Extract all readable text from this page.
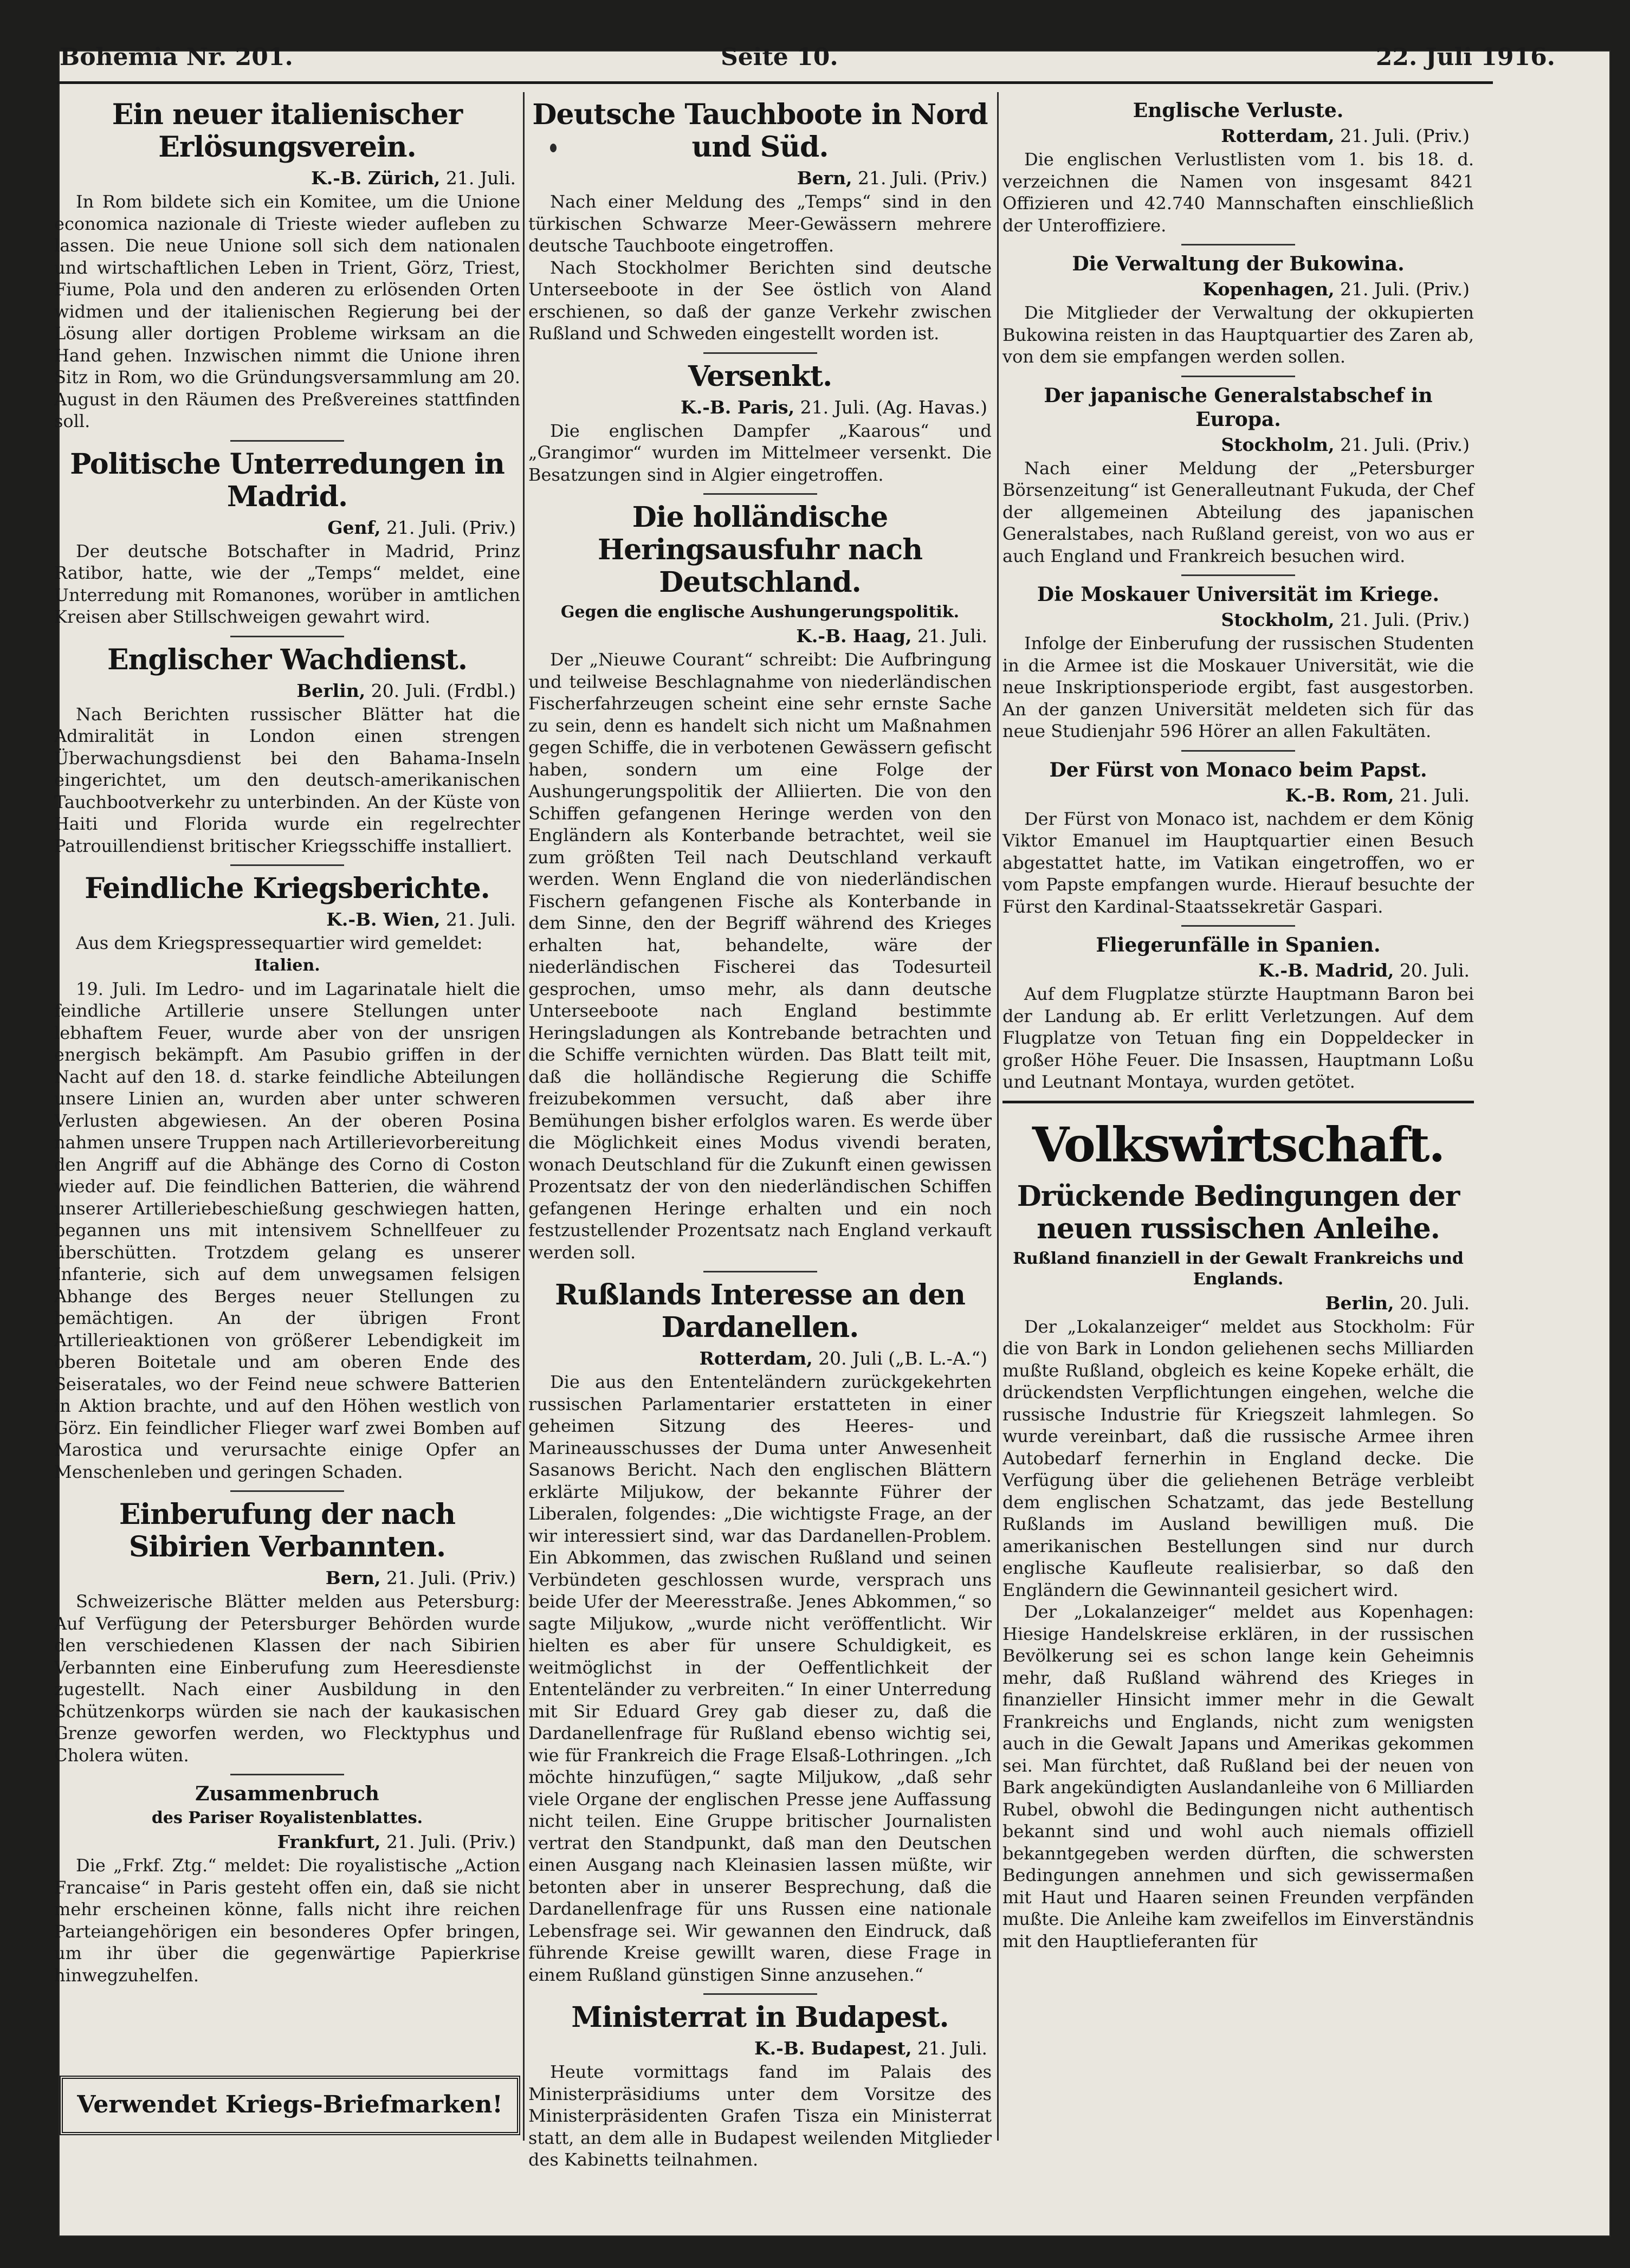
Bohemia Nr. 201.	Seite 10.	22. Juli 1916.
Ein neuer italienischer Erlösungsverein.
K.-B. Zürich, 21. Juli.

In Rom bildete sich ein Komitee, um die Unione economica nazionale di Trieste wieder aufleben zu lassen. Die neue Unione soll sich dem nationalen und wirtschaftlichen Leben in Trient, Görz, Triest, Fiume, Pola und den anderen zu erlösenden Orten widmen und der italienischen Regierung bei der Lösung aller dortigen Probleme wirksam an die Hand gehen. Inzwischen nimmt die Unione ihren Sitz in Rom, wo die Gründungsversammlung am 20. August in den Räumen des Preßvereines stattfinden soll.

Politische Unterredungen in Madrid.
Genf, 21. Juli. (Priv.)

Der deutsche Botschafter in Madrid, Prinz Ratibor, hatte, wie der „Temps“ meldet, eine Unterredung mit Romanones, worüber in amtlichen Kreisen aber Stillschweigen gewahrt wird.

Englischer Wachdienst.
Berlin, 20. Juli. (Frdbl.)

Nach Berichten russischer Blätter hat die Admiralität in London einen strengen Überwachungsdienst bei den Bahama-Inseln eingerichtet, um den deutsch-amerikanischen Tauchbootverkehr zu unterbinden. An der Küste von Haiti und Florida wurde ein regelrechter Patrouillendienst britischer Kriegsschiffe installiert.

Feindliche Kriegsberichte.
K.-B. Wien, 21. Juli.

Aus dem Kriegspressequartier wird gemeldet:

Italien.

19. Juli. Im Ledro- und im Lagarinatale hielt die feindliche Artillerie unsere Stellungen unter lebhaftem Feuer, wurde aber von der unsrigen energisch bekämpft. Am Pasubio griffen in der Nacht auf den 18. d. starke feindliche Abteilungen unsere Linien an, wurden aber unter schweren Verlusten abgewiesen. An der oberen Posina nahmen unsere Truppen nach Artillerievorbereitung den Angriff auf die Abhänge des Corno di Coston wieder auf. Die feindlichen Batterien, die während unserer Artilleriebeschießung geschwiegen hatten, begannen uns mit intensivem Schnellfeuer zu überschütten. Trotzdem gelang es unserer Infanterie, sich auf dem unwegsamen felsigen Abhange des Berges neuer Stellungen zu bemächtigen. An der übrigen Front Artillerieaktionen von größerer Lebendigkeit im oberen Boitetale und am oberen Ende des Seiseratales, wo der Feind neue schwere Batterien in Aktion brachte, und auf den Höhen westlich von Görz. Ein feindlicher Flieger warf zwei Bomben auf Marostica und verursachte einige Opfer an Menschenleben und geringen Schaden.

Einberufung der nach Sibirien Verbannten.
Bern, 21. Juli. (Priv.)

Schweizerische Blätter melden aus Petersburg: Auf Verfügung der Petersburger Behörden wurde den verschiedenen Klassen der nach Sibirien Verbannten eine Einberufung zum Heeresdienste zugestellt. Nach einer Ausbildung in den Schützenkorps würden sie nach der kaukasischen Grenze geworfen werden, wo Flecktyphus und Cholera wüten.

Zusammenbruch
des Pariser Royalistenblattes.
Frankfurt, 21. Juli. (Priv.)

Die „Frkf. Ztg.“ meldet: Die royalistische „Action Francaise“ in Paris gesteht offen ein, daß sie nicht mehr erscheinen könne, falls nicht ihre reichen Parteiangehörigen ein besonderes Opfer bringen, um ihr über die gegenwärtige Papierkrise hinwegzuhelfen.

Verwendet Kriegs-Briefmarken!
Deutsche Tauchboote in Nord und Süd.
Bern, 21. Juli. (Priv.)

Nach einer Meldung des „Temps“ sind in den türkischen Schwarze Meer-Gewässern mehrere deutsche Tauchboote eingetroffen.

Nach Stockholmer Berichten sind deutsche Unterseeboote in der See östlich von Aland erschienen, so daß der ganze Verkehr zwischen Rußland und Schweden eingestellt worden ist.

Versenkt.
K.-B. Paris, 21. Juli. (Ag. Havas.)

Die englischen Dampfer „Kaarous“ und „Grangimor“ wurden im Mittelmeer versenkt. Die Besatzungen sind in Algier eingetroffen.

Die holländische Heringsausfuhr nach Deutschland.
Gegen die englische Aushungerungspolitik.
K.-B. Haag, 21. Juli.

Der „Nieuwe Courant“ schreibt: Die Aufbringung und teilweise Beschlagnahme von niederländischen Fischerfahrzeugen scheint eine sehr ernste Sache zu sein, denn es handelt sich nicht um Maßnahmen gegen Schiffe, die in verbotenen Gewässern gefischt haben, sondern um eine Folge der Aushungerungspolitik der Alliierten. Die von den Schiffen gefangenen Heringe werden von den Engländern als Konterbande betrachtet, weil sie zum größten Teil nach Deutschland verkauft werden. Wenn England die von niederländischen Fischern gefangenen Fische als Konterbande in dem Sinne, den der Begriff während des Krieges erhalten hat, behandelte, wäre der niederländischen Fischerei das Todesurteil gesprochen, umso mehr, als dann deutsche Unterseeboote nach England bestimmte Heringsladungen als Kontrebande betrachten und die Schiffe vernichten würden. Das Blatt teilt mit, daß die holländische Regierung die Schiffe freizubekommen versucht, daß aber ihre Bemühungen bisher erfolglos waren. Es werde über die Möglichkeit eines Modus vivendi beraten, wonach Deutschland für die Zukunft einen gewissen Prozentsatz der von den niederländischen Schiffen gefangenen Heringe erhalten und ein noch festzustellender Prozentsatz nach England verkauft werden soll.

Rußlands Interesse an den Dardanellen.
Rotterdam, 20. Juli („B. L.-A.“)

Die aus den Ententeländern zurückgekehrten russischen Parlamentarier erstatteten in einer geheimen Sitzung des Heeres- und Marineausschusses der Duma unter Anwesenheit Sasanows Bericht. Nach den englischen Blättern erklärte Miljukow, der bekannte Führer der Liberalen, folgendes: „Die wichtigste Frage, an der wir interessiert sind, war das Dardanellen-Problem. Ein Abkommen, das zwischen Rußland und seinen Verbündeten geschlossen wurde, versprach uns beide Ufer der Meeresstraße. Jenes Abkommen,“ so sagte Miljukow, „wurde nicht veröffentlicht. Wir hielten es aber für unsere Schuldigkeit, es weitmöglichst in der Oeffentlichkeit der Ententeländer zu verbreiten.“ In einer Unterredung mit Sir Eduard Grey gab dieser zu, daß die Dardanellenfrage für Rußland ebenso wichtig sei, wie für Frankreich die Frage Elsaß-Lothringen. „Ich möchte hinzufügen,“ sagte Miljukow, „daß sehr viele Organe der englischen Presse jene Auffassung nicht teilen. Eine Gruppe britischer Journalisten vertrat den Standpunkt, daß man den Deutschen einen Ausgang nach Kleinasien lassen müßte, wir betonten aber in unserer Besprechung, daß die Dardanellenfrage für uns Russen eine nationale Lebensfrage sei. Wir gewannen den Eindruck, daß führende Kreise gewillt waren, diese Frage in einem Rußland günstigen Sinne anzusehen.“

Ministerrat in Budapest.
K.-B. Budapest, 21. Juli.

Heute vormittags fand im Palais des Ministerpräsidiums unter dem Vorsitze des Ministerpräsidenten Grafen Tisza ein Ministerrat statt, an dem alle in Budapest weilenden Mitglieder des Kabinetts teilnahmen.

Englische Verluste.
Rotterdam, 21. Juli. (Priv.)

Die englischen Verlustlisten vom 1. bis 18. d. verzeichnen die Namen von insgesamt 8421 Offizieren und 42.740 Mannschaften einschließlich der Unteroffiziere.

Die Verwaltung der Bukowina.
Kopenhagen, 21. Juli. (Priv.)

Die Mitglieder der Verwaltung der okkupierten Bukowina reisten in das Hauptquartier des Zaren ab, von dem sie empfangen werden sollen.

Der japanische Generalstabschef in Europa.
Stockholm, 21. Juli. (Priv.)

Nach einer Meldung der „Petersburger Börsenzeitung“ ist Generalleutnant Fukuda, der Chef der allgemeinen Abteilung des japanischen Generalstabes, nach Rußland gereist, von wo aus er auch England und Frankreich besuchen wird.

Die Moskauer Universität im Kriege.
Stockholm, 21. Juli. (Priv.)

Infolge der Einberufung der russischen Studenten in die Armee ist die Moskauer Universität, wie die neue Inskriptionsperiode ergibt, fast ausgestorben. An der ganzen Universität meldeten sich für das neue Studienjahr 596 Hörer an allen Fakultäten.

Der Fürst von Monaco beim Papst.
K.-B. Rom, 21. Juli.

Der Fürst von Monaco ist, nachdem er dem König Viktor Emanuel im Hauptquartier einen Besuch abgestattet hatte, im Vatikan eingetroffen, wo er vom Papste empfangen wurde. Hierauf besuchte der Fürst den Kardinal-Staatssekretär Gaspari.

Fliegerunfälle in Spanien.
K.-B. Madrid, 20. Juli.

Auf dem Flugplatze stürzte Hauptmann Baron bei der Landung ab. Er erlitt Verletzungen. Auf dem Flugplatze von Tetuan fing ein Doppeldecker in großer Höhe Feuer. Die Insassen, Hauptmann Loßu und Leutnant Montaya, wurden getötet.

Volkswirtschaft.
Drückende Bedingungen der neuen russischen Anleihe.
Rußland finanziell in der Gewalt Frankreichs und Englands.
Berlin, 20. Juli.

Der „Lokalanzeiger“ meldet aus Stockholm: Für die von Bark in London geliehenen sechs Milliarden mußte Rußland, obgleich es keine Kopeke erhält, die drückendsten Verpflichtungen eingehen, welche die russische Industrie für Kriegszeit lahmlegen. So wurde vereinbart, daß die russische Armee ihren Autobedarf fernerhin in England decke. Die Verfügung über die geliehenen Beträge verbleibt dem englischen Schatzamt, das jede Bestellung Rußlands im Ausland bewilligen muß. Die amerikanischen Bestellungen sind nur durch englische Kaufleute realisierbar, so daß den Engländern die Gewinnanteil gesichert wird.

Der „Lokalanzeiger“ meldet aus Kopenhagen: Hiesige Handelskreise erklären, in der russischen Bevölkerung sei es schon lange kein Geheimnis mehr, daß Rußland während des Krieges in finanzieller Hinsicht immer mehr in die Gewalt Frankreichs und Englands, nicht zum wenigsten auch in die Gewalt Japans und Amerikas gekommen sei. Man fürchtet, daß Rußland bei der neuen von Bark angekündigten Auslandanleihe von 6 Milliarden Rubel, obwohl die Bedingungen nicht authentisch bekannt sind und wohl auch niemals offiziell bekanntgegeben werden dürften, die schwersten Bedingungen annehmen und sich gewissermaßen mit Haut und Haaren seinen Freunden verpfänden mußte. Die Anleihe kam zweifellos im Einverständnis mit den Hauptlieferanten für
